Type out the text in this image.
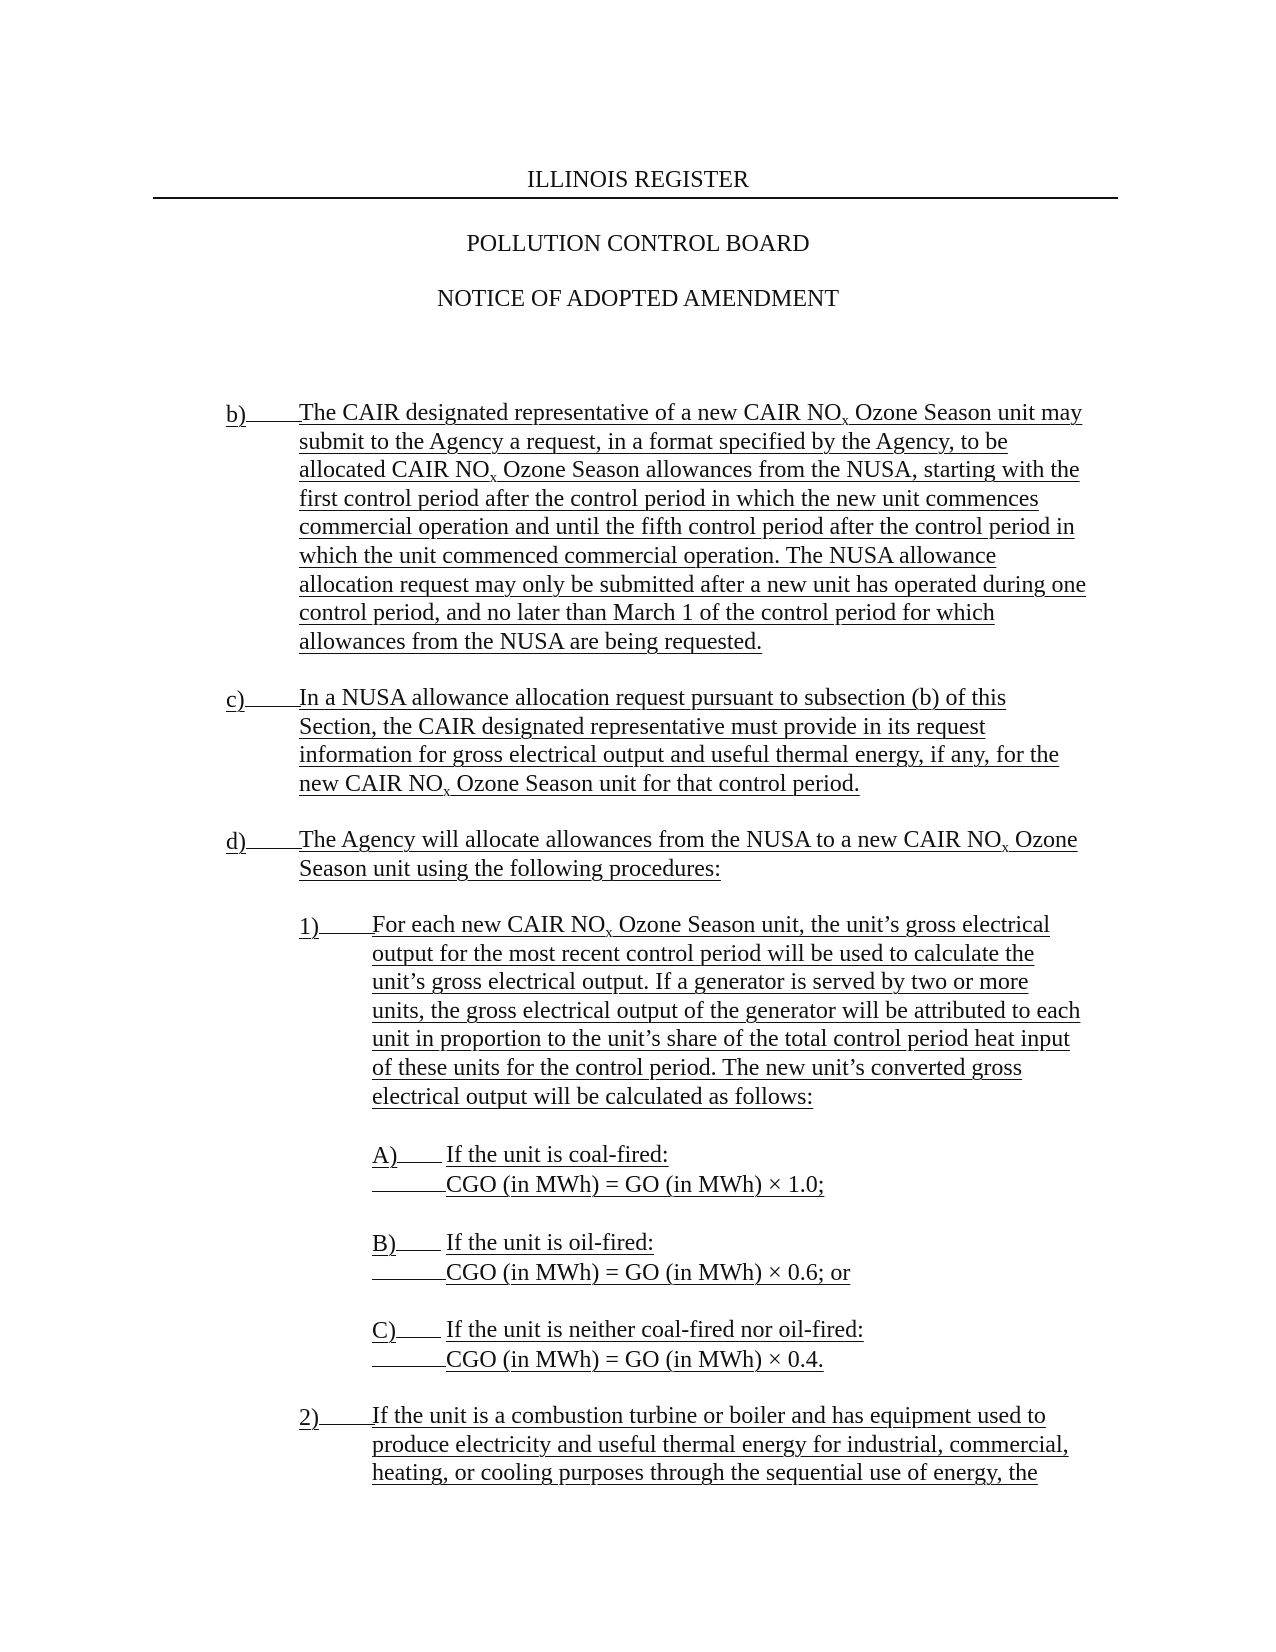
ILLINOIS REGISTER
POLLUTION CONTROL BOARD
NOTICE OF ADOPTED AMENDMENT
b)	The CAIR designated representative of a new CAIR $NO_x$ Ozone Season unit may
submit to the Agency a request, in a format specified by the Agency, to be
allocated CAIR $NO_x$ Ozone Season allowances from the NUSA, starting with the
first control period after the control period in which the new unit commences
commercial operation and until the fifth control period after the control period in
which the unit commenced commercial operation. The NUSA allowance
allocation request may only be submitted after a new unit has operated during one
control period, and no later than March 1 of the control period for which
allowances from the NUSA are being requested.
c)	In a NUSA allowance allocation request pursuant to subsection (b) of this
Section, the CAIR designated representative must provide in its request
information for gross electrical output and useful thermal energy, if any, for the
new CAIR $NO_x$ Ozone Season unit for that control period.
d)	The Agency will allocate allowances from the NUSA to a new CAIR $NO_x$ Ozone
Season unit using the following procedures:
1)	For each new CAIR $NO_x$ Ozone Season unit, the unit’s gross electrical
output for the most recent control period will be used to calculate the
unit’s gross electrical output. If a generator is served by two or more
units, the gross electrical output of the generator will be attributed to each
unit in proportion to the unit’s share of the total control period heat input
of these units for the control period. The new unit’s converted gross
electrical output will be calculated as follows:
A)	If the unit is coal-fired:
CGO (in MWh) = GO (in MWh) × 1.0;
B)	If the unit is oil-fired:
CGO (in MWh) = GO (in MWh) × 0.6; or
C)	If the unit is neither coal-fired nor oil-fired:
CGO (in MWh) = GO (in MWh) × 0.4.
2)	If the unit is a combustion turbine or boiler and has equipment used to
produce electricity and useful thermal energy for industrial, commercial,
heating, or cooling purposes through the sequential use of energy, the
